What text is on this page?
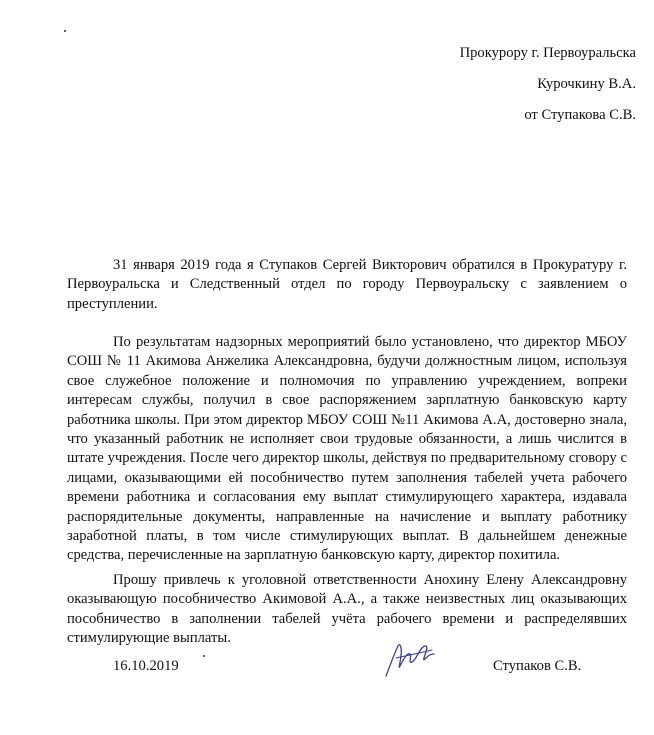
Прокурору г. Первоуральска
Курочкину В.А.
от Ступакова С.В.

31 января 2019 года я Ступаков Сергей Викторович обратился в Прокуратуру г. Первоуральска и Следственный отдел по городу Первоуральску с заявлением о преступлении.

По результатам надзорных мероприятий было установлено, что директор МБОУ СОШ № 11 Акимова Анжелика Александровна, будучи должностным лицом, используя свое служебное положение и полномочия по управлению учреждением, вопреки интересам службы, получил в свое распоряжением зарплатную банковскую карту работника школы. При этом директор МБОУ СОШ №11 Акимова А.А, достоверно знала, что указанный работник не исполняет свои трудовые обязанности, а лишь числится в штате учреждения. После чего директор школы, действуя по предварительному сговору с лицами, оказывающими ей пособничество путем заполнения табелей учета рабочего времени работника и согласования ему выплат стимулирующего характера, издавала распорядительные документы, направленные на начисление и выплату работнику заработной платы, в том числе стимулирующих выплат. В дальнейшем денежные средства, перечисленные на зарплатную банковскую карту, директор похитила.

Прошу привлечь к уголовной ответственности Анохину Елену Александровну оказывающую пособничество Акимовой А.А., а также неизвестных лиц оказывающих пособничество в заполнении табелей учёта рабочего времени и распределявших стимулирующие выплаты.

16.10.2019	Ступаков С.В.
